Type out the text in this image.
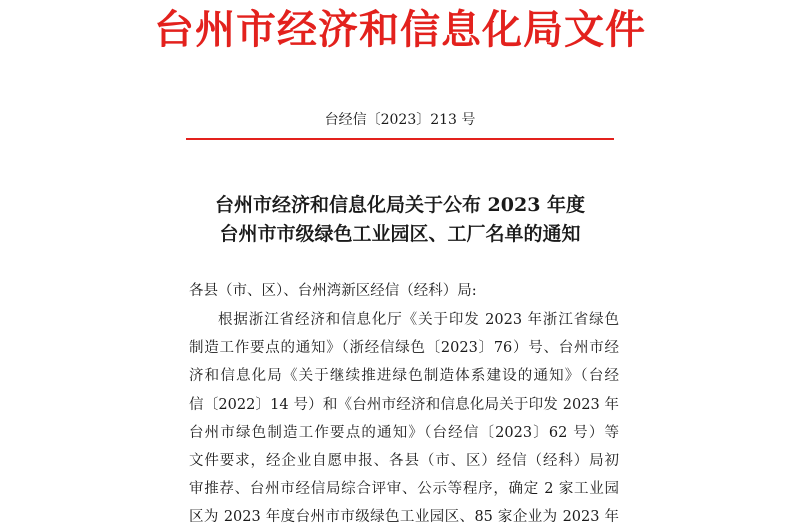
台州市经济和信息化局文件
台经信〔2023〕213 号
台州市经济和信息化局关于公布 2023 年度
台州市市级绿色工业园区、工厂名单的通知
各县（市、区）、台州湾新区经信（经科）局:
根据浙江省经济和信息化厅《关于印发 2023 年浙江省绿色
制造工作要点的通知》（浙经信绿色〔2023〕76）号、台州市经
济和信息化局《关于继续推进绿色制造体系建设的通知》（台经
信〔2022〕14 号）和《台州市经济和信息化局关于印发 2023 年
台州市绿色制造工作要点的通知》（台经信〔2023〕62 号）等
文件要求，经企业自愿申报、各县（市、区）经信（经科）局初
审推荐、台州市经信局综合评审、公示等程序，确定 2 家工业园
区为 2023 年度台州市市级绿色工业园区、85 家企业为 2023 年
